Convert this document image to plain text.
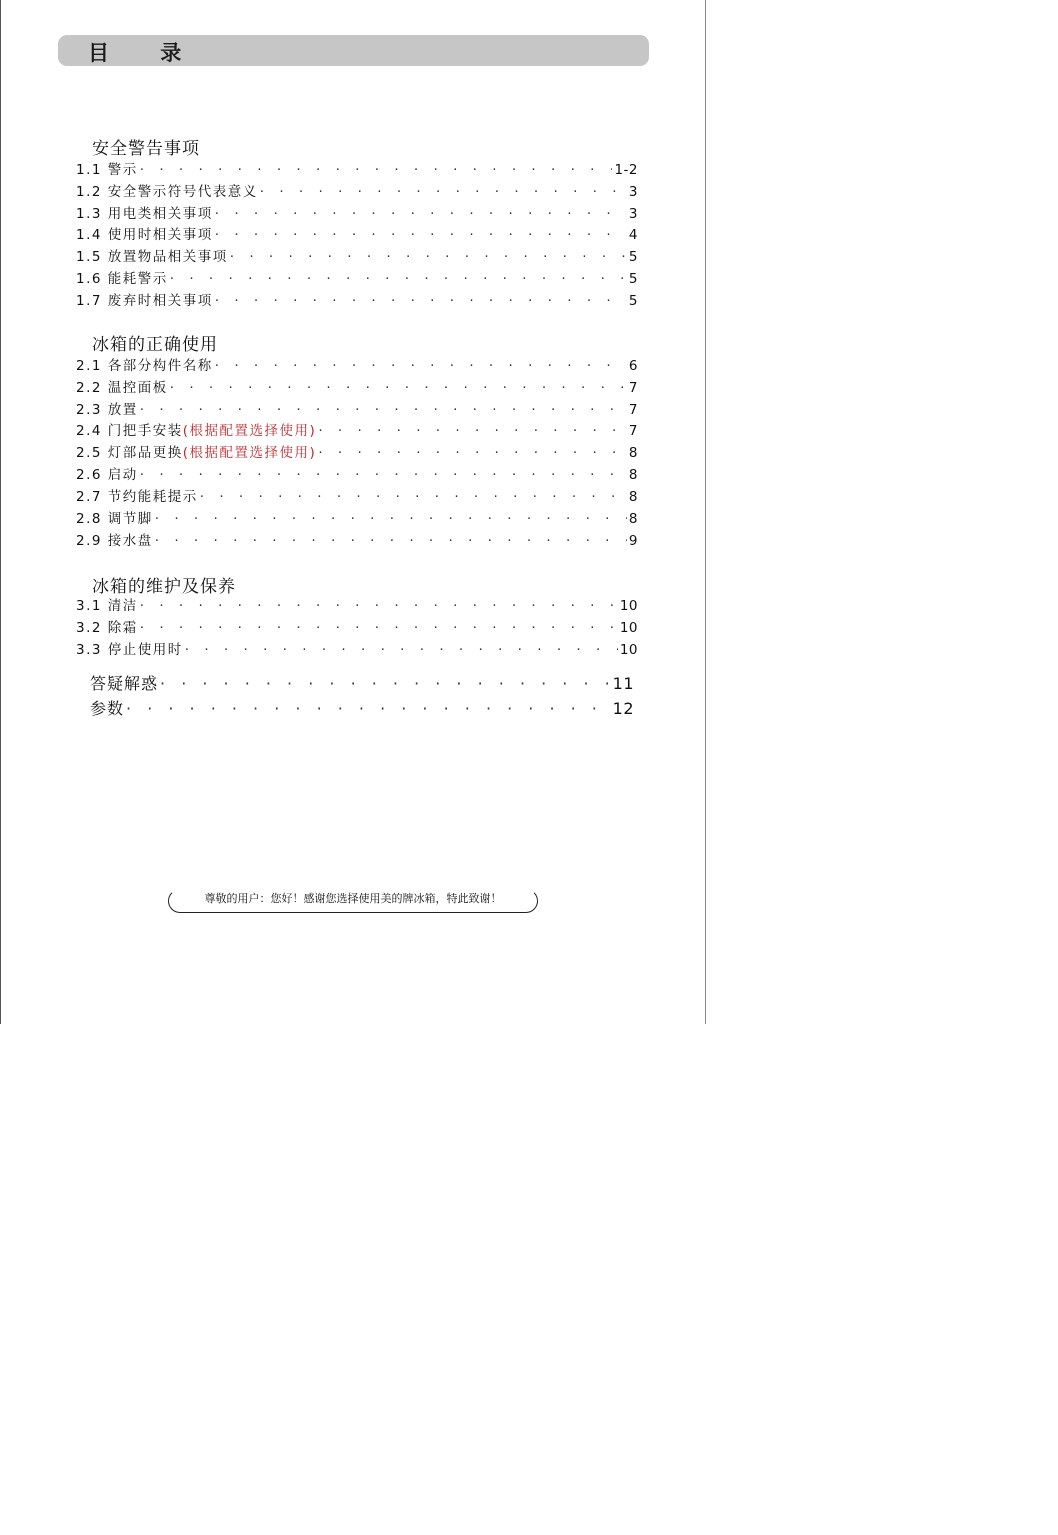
目 录
安全警告事项
1.1 警示 · · ·	1-2
1.2 安全警示符号代表意义 · · ·	3
1.3 用电类相关事项 · · ·	3
1.4 使用时相关事项 · · ·	4
1.5 放置物品相关事项 · · ·	5
1.6 能耗警示 · · ·	5
1.7 废弃时相关事项 · · ·	5
冰箱的正确使用
2.1 各部分构件名称 · · ·	6
2.2 温控面板 · · ·	7
2.3 放置 · · ·	7
2.4 门把手安装 (根据配置选择使用) · · ·	7
2.5 灯部品更换 (根据配置选择使用) · · ·	8
2.6 启动 · · ·	8
2.7 节约能耗提示 · · ·	8
2.8 调节脚 · · ·	8
2.9 接水盘 · · ·	9
冰箱的维护及保养
3.1 清洁 · · ·	10
3.2 除霜 · · ·	10
3.3 停止使用时 · · ·	10
答疑解惑 · · ·	11
参数 · · ·	12
尊敬的用户：您好！感谢您选择使用美的牌冰箱，特此致谢！
